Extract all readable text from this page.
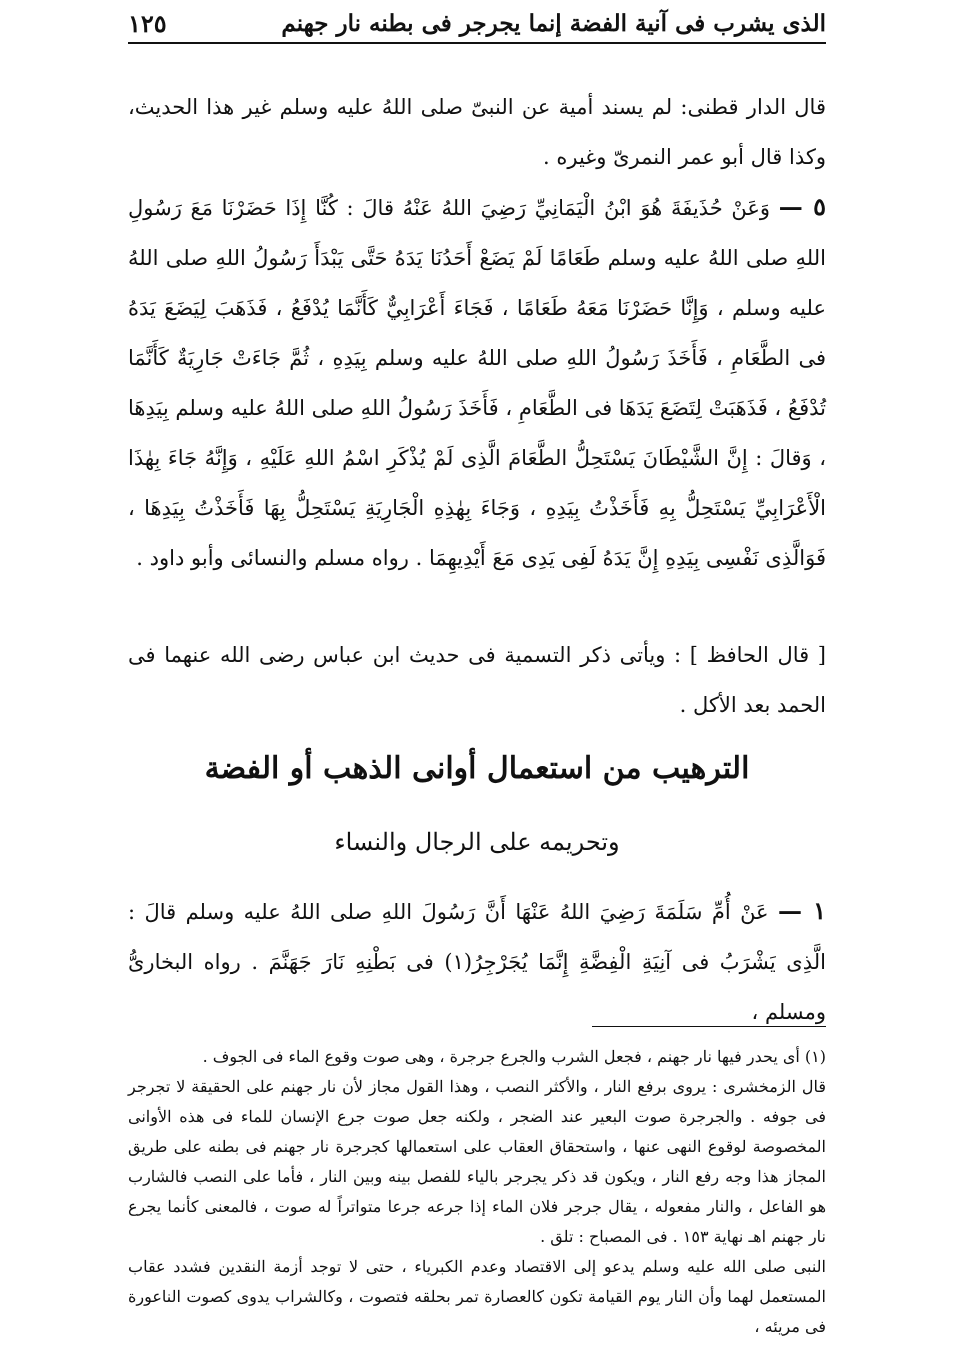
الذى يشرب فى آنية الفضة إنما يجرجر فى بطنه نار جهنم
١٢٥
قال الدار قطنى: لم يسند أمية عن النبىّ صلى اللهُ عليه وسلم غير هذا الحديث، وكذا قال أبو عمر النمرىّ وغيره .
٥ — وَعَنْ حُذَيفَةَ هُوَ ابْنُ الْيَمَانِيِّ رَضِيَ اللهُ عَنْهُ قالَ : كُنَّا إِذَا حَضَرْنَا مَعَ رَسُولِ اللهِ صلى اللهُ عليه وسلم طَعَامًا لَمْ يَضَعْ أَحَدُنَا يَدَهُ حَتَّى يَبْدَأَ رَسُولُ اللهِ صلى اللهُ عليه وسلم ، وَإِنَّا حَضَرْنَا مَعَهُ طَعَامًا ، فَجَاءَ أَعْرَابِيٌّ كَأَنَّمَا يُدْفَعُ ، فَذَهَبَ لِيَضَعَ يَدَهُ فى الطَّعَامِ ، فَأَخَذَ رَسُولُ اللهِ صلى اللهُ عليه وسلم بِيَدِهِ ، ثُمَّ جَاءَتْ جَارِيَةٌ كَأَنَّمَا تُدْفَعُ ، فَذَهَبَتْ لِتَضَعَ يَدَهَا فى الطَّعَامِ ، فَأَخَذَ رَسُولُ اللهِ صلى اللهُ عليه وسلم بِيَدِهَا ، وَقالَ : إِنَّ الشَّيْطَانَ يَسْتَحِلُّ الطَّعَامَ الَّذِى لَمْ يُذْكَرِ اسْمُ اللهِ عَلَيْهِ ، وَإِنَّهُ جَاءَ بِهٰذَا الْأَعْرَابِيِّ يَسْتَحِلُّ بِهِ فَأَخَذْتُ بِيَدِهِ ، وَجَاءَ بِهٰذِهِ الْجَارِيَةِ يَسْتَحِلُّ بِهَا فَأَخَذْتُ بِيَدِهَا ، فَوَالَّذِى نَفْسِى بِيَدِهِ إِنَّ يَدَهُ لَفِى يَدِى مَعَ أَيْدِيهِمَا . رواه مسلم والنسائى وأبو داود .
[ قال الحافظ ] : ويأتى ذكر التسمية فى حديث ابن عباس رضى الله عنهما فى الحمد بعد الأكل .
الترهيب من استعمال أوانى الذهب أو الفضة
وتحريمه على الرجال والنساء
١ — عَنْ أُمِّ سَلَمَةَ رَضِيَ اللهُ عَنْهَا أَنَّ رَسُولَ اللهِ صلى اللهُ عليه وسلم قالَ : الَّذِى يَشْرَبُ فى آنِيَةِ الْفِضَّةِ إِنَّمَا يُجَرْجِرُ(١) فى بَطْنِهِ نَارَ جَهَنَّمَ . رواه البخارىُّ ومسلم ،

(١) أى يحدر فيها نار جهنم ، فجعل الشرب والجرع جرجرة ، وهى صوت وقوع الماء فى الجوف .

قال الزمخشرى : يروى برفع النار ، والأكثر النصب ، وهذا القول مجاز لأن نار جهنم على الحقيقة لا تجرجر فى جوفه . والجرجرة صوت البعير عند الضجر ، ولكنه جعل صوت جرع الإنسان للماء فى هذه الأوانى المخصوصة لوقوع النهى عنها ، واستحقاق العقاب على استعمالها كجرجرة نار جهنم فى بطنه على طريق المجاز هذا وجه رفع النار ، ويكون قد ذكر يجرجر بالياء للفصل بينه وبين النار ، فأما على النصب فالشارب هو الفاعل ، والنار مفعوله ، يقال جرجر فلان الماء إذا جرعه جرعا متواتراً له صوت ، فالمعنى كأنما يجرع نار جهنم اهـ نهاية ١٥٣ . فى المصباح : تلق .

النبى صلى الله عليه وسلم يدعو إلى الاقتصاد وعدم الكبرياء ، حتى لا توجد أزمة النقدين فشدد عقاب المستعمل لهما وأن النار يوم القيامة تكون كالعصارة تمر بحلقه فتصوت ، وكالشراب يدوى كصوت الناعورة فى مريئه ،
